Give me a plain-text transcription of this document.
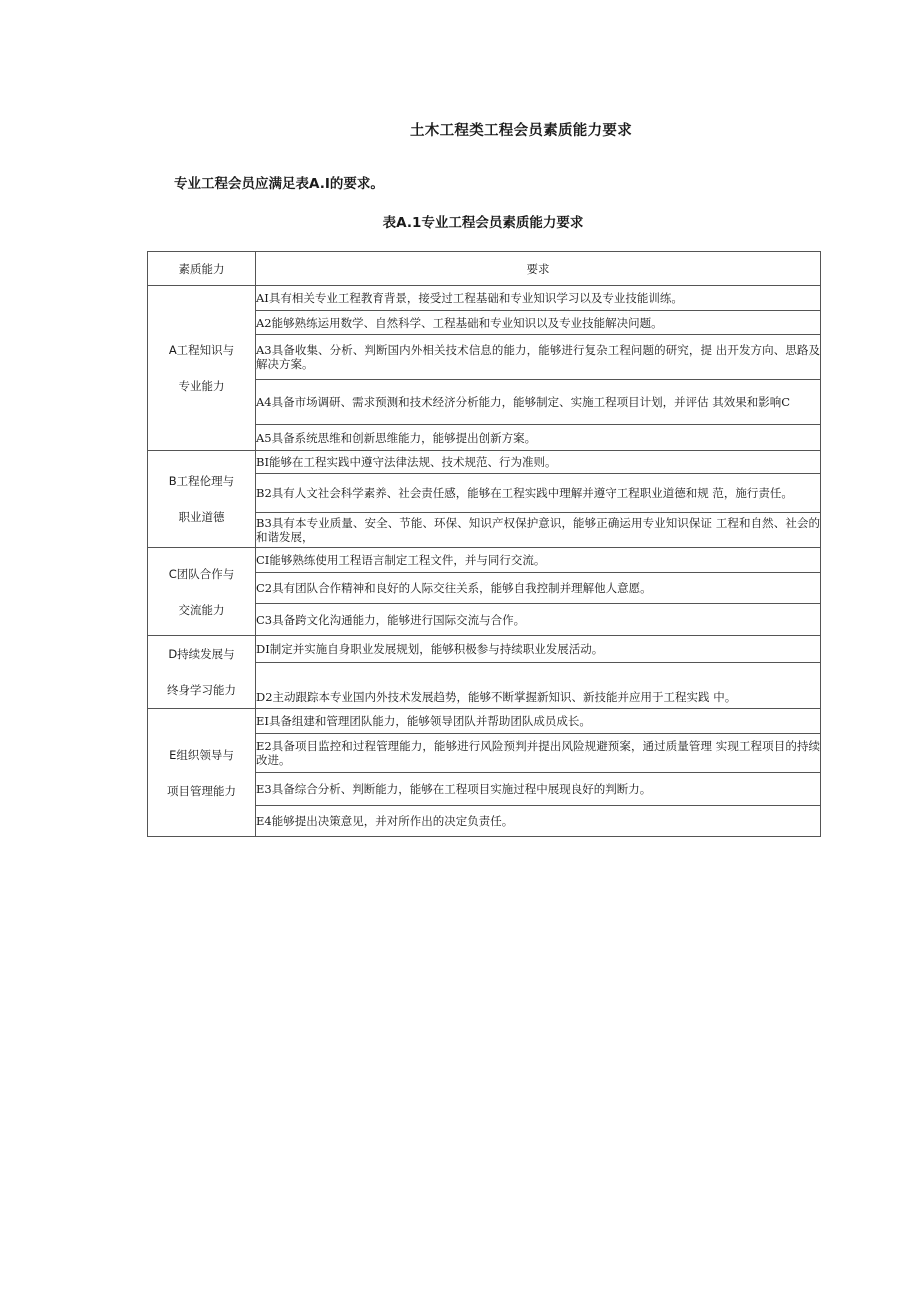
土木工程类工程会员素质能力要求

专业工程会员应满足表A.I的要求。

表A.1专业工程会员素质能力要求

素质能力	要求

A工程知识与
专业能力	AI具有相关专业工程教育背景，接受过工程基础和专业知识学习以及专业技能训练。
	A2能够熟练运用数学、自然科学、工程基础和专业知识以及专业技能解决问题。
	A3具备收集、分析、判断国内外相关技术信息的能力，能够进行复杂工程问题的研究，提 出开发方向、思路及解决方案。
	A4具备市场调研、需求预测和技术经济分析能力，能够制定、实施工程项目计划，并评估 其效果和影响C
	A5具备系统思维和创新思维能力，能够提出创新方案。

B工程伦理与
职业道德	BI能够在工程实践中遵守法律法规、技术规范、行为准则。
	B2具有人文社会科学素养、社会责任感，能够在工程实践中理解并遵守工程职业道德和规 范，施行责任。
	B3具有本专业质量、安全、节能、环保、知识产权保护意识，能够正确运用专业知识保证 工程和自然、社会的和谐发展，

C团队合作与
交流能力	CI能够熟练使用工程语言制定工程文件，并与同行交流。
	C2具有团队合作精神和良好的人际交往关系，能够自我控制并理解他人意愿。
	C3具备跨文化沟通能力，能够进行国际交流与合作。

D持续发展与
终身学习能力	DI制定并实施自身职业发展规划，能够积极参与持续职业发展活动。
	D2主动跟踪本专业国内外技术发展趋势，能够不断掌握新知识、新技能并应用于工程实践 中。

E组织领导与
项目管理能力	EI具备组建和管理团队能力，能够领导团队并帮助团队成员成长。
	E2具备项目监控和过程管理能力，能够进行风险预判并提出风险规避预案，通过质量管理 实现工程项目的持续改进。
	E3具备综合分析、判断能力，能够在工程项目实施过程中展现良好的判断力。
	E4能够提出决策意见，并对所作出的决定负责任。
